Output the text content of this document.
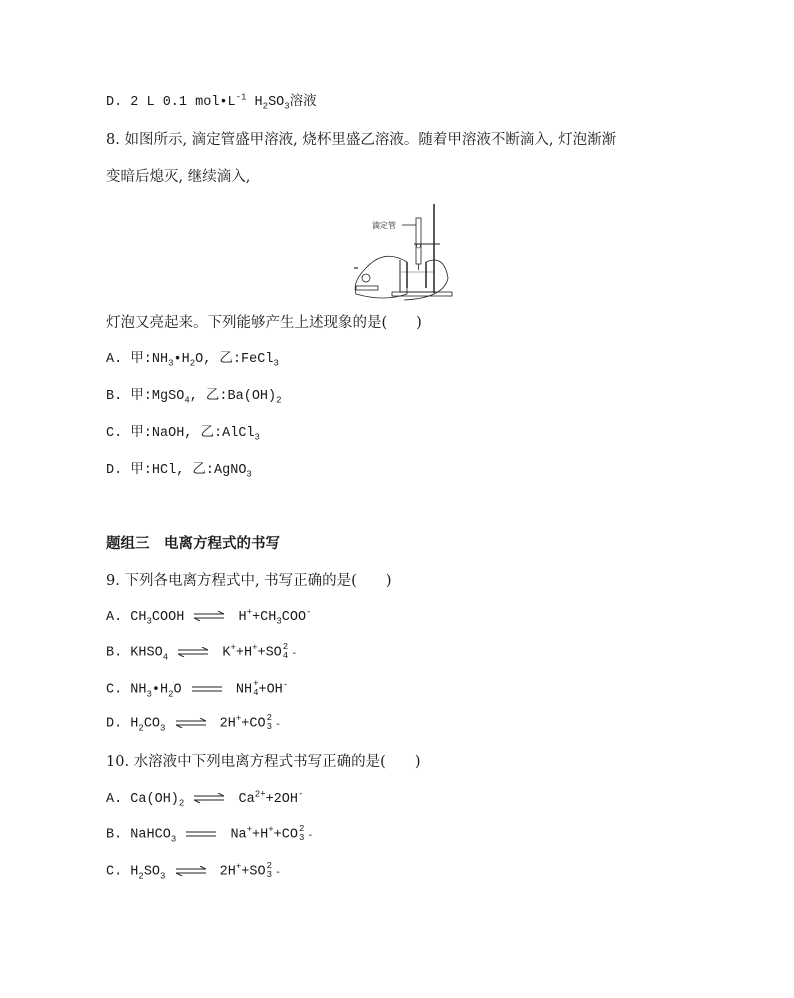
D. 2 L 0.1 $mol•L^{-1}$ $H_2SO_3$溶液
8. 如图所示, 滴定管盛甲溶液, 烧杯里盛乙溶液。随着甲溶液不断滴入, 灯泡渐渐
变暗后熄灭, 继续滴入,
滴定管
灯泡又亮起来。下列能够产生上述现象的是(　　)
A. 甲$:NH_3•H_2O$, 乙:FeCl$_3$
B. 甲:MgSO$_4$, 乙$:Ba(OH)_2$
C. 甲:NaOH, 乙:AlCl$_3$
D. 甲:HCl, 乙:AgNO$_3$
题组三　电离方程式的书写
9. 下列各电离方程式中, 书写正确的是(　　)
A. $CH_3COOH$ ⇌ $H^++CH_3COO^-$
B. $KHSO_4$ ⇌ K++H++SO 2
4 -
C. $NH_3•H_2O$	NH +
4 +OH-
D. $H_2CO_3$ ⇌ 2H++CO 2
3 -
10. 水溶液中下列电离方程式书写正确的是(　　)
A. $Ca(OH)_2$ ⇌ $Ca^{2+}+2OH^-$
B. NaHCO$_3$	Na++H++CO 2
3 -
C. $H_2SO_3$ ⇌ 2H++SO 2
3 -
